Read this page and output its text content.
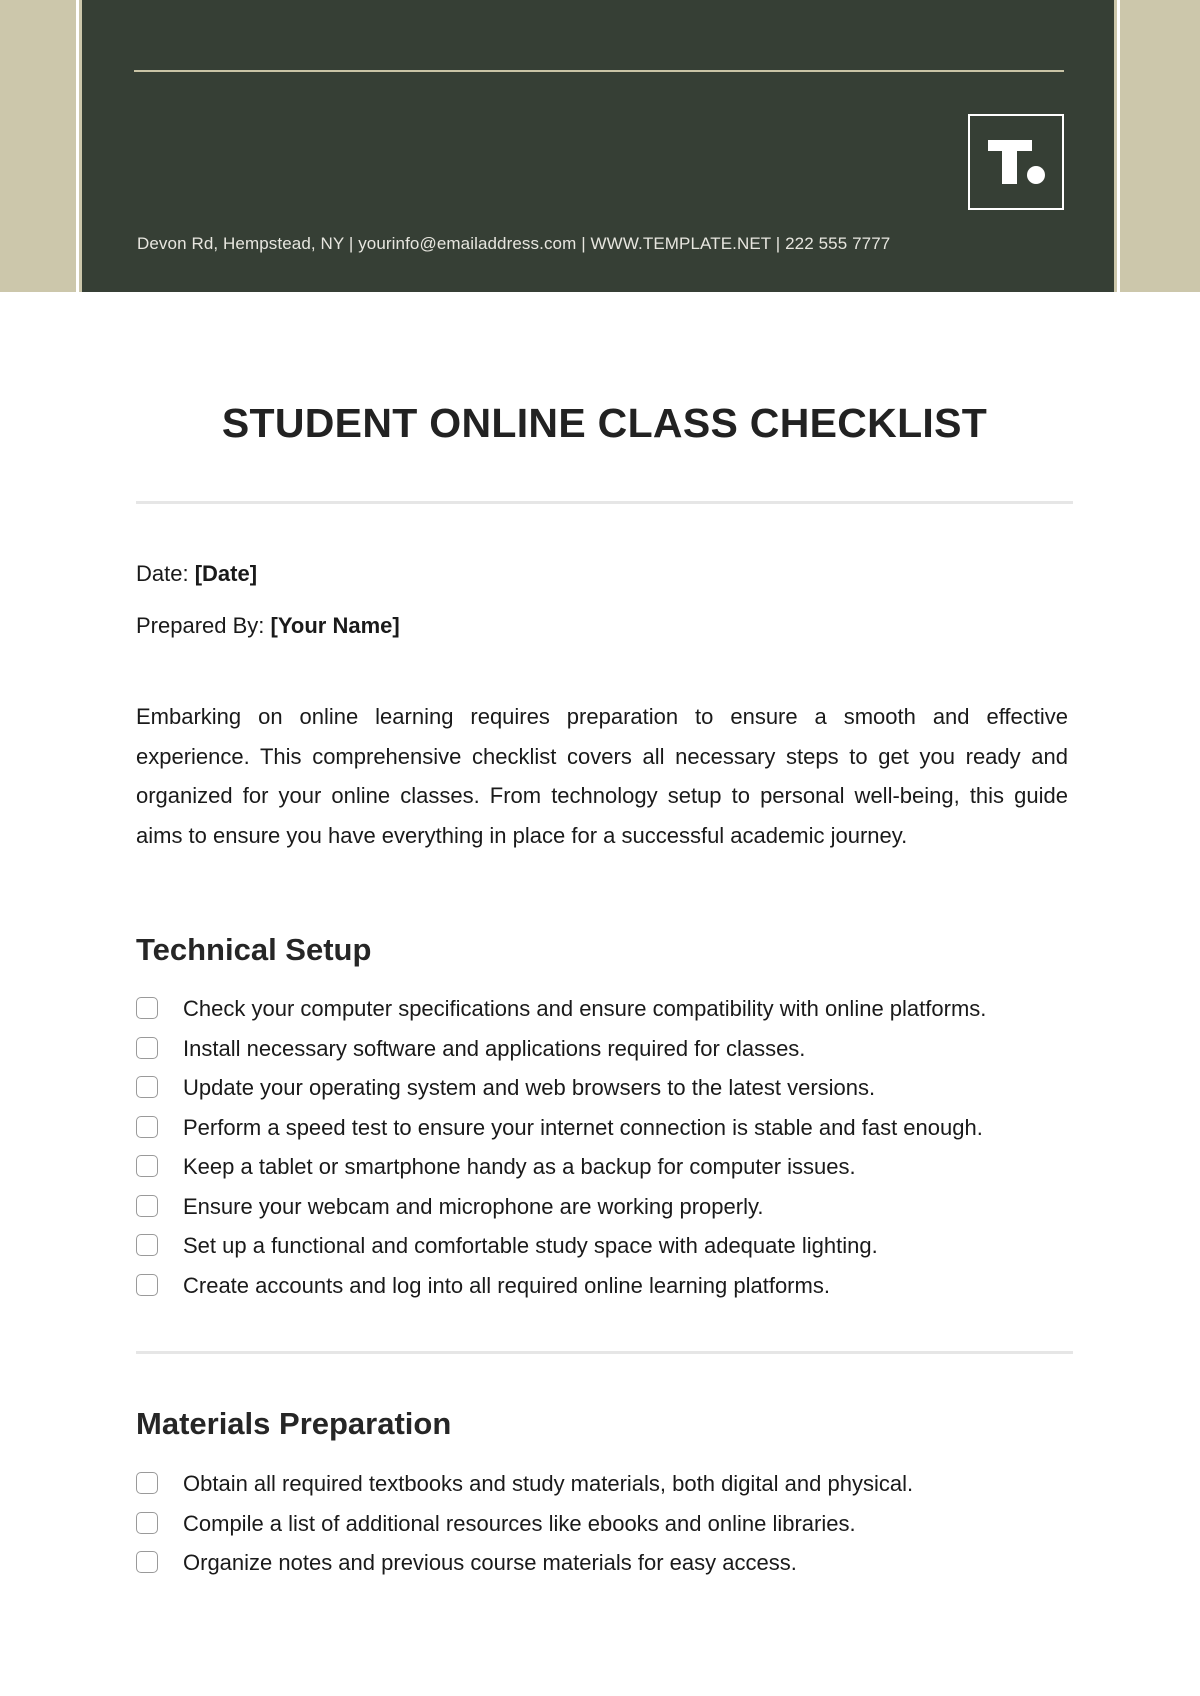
Devon Rd, Hempstead, NY | yourinfo@emailaddress.com | WWW.TEMPLATE.NET | 222 555 7777
STUDENT ONLINE CLASS CHECKLIST
Date: [Date]
Prepared By: [Your Name]

Embarking on online learning requires preparation to ensure a smooth and effective experience. This comprehensive checklist covers all necessary steps to get you ready and organized for your online classes. From technology setup to personal well-being, this guide aims to ensure you have everything in place for a successful academic journey.

Technical Setup
Check your computer specifications and ensure compatibility with online platforms.
Install necessary software and applications required for classes.
Update your operating system and web browsers to the latest versions.
Perform a speed test to ensure your internet connection is stable and fast enough.
Keep a tablet or smartphone handy as a backup for computer issues.
Ensure your webcam and microphone are working properly.
Set up a functional and comfortable study space with adequate lighting.
Create accounts and log into all required online learning platforms.
Materials Preparation
Obtain all required textbooks and study materials, both digital and physical.
Compile a list of additional resources like ebooks and online libraries.
Organize notes and previous course materials for easy access.
